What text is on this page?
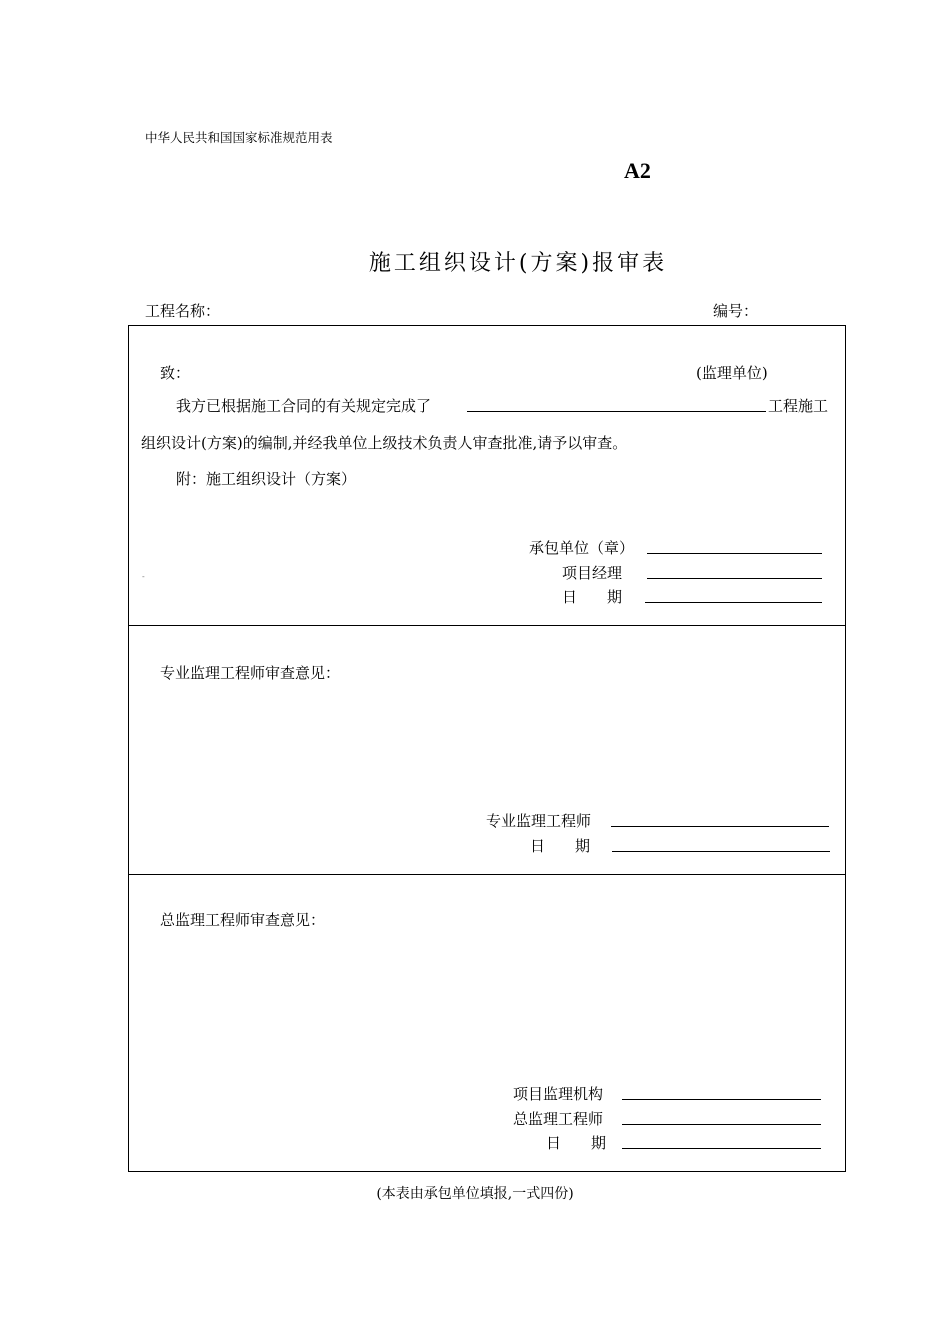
中华人民共和国国家标准规范用表
A2
施工组织设计(方案)报审表
工程名称：	编号：
致：	(监理单位)
我方已根据施工合同的有关规定完成了	工程施工
组织设计(方案)的编制,并经我单位上级技术负责人审查批准,请予以审查。
附：施工组织设计（方案）
承包单位（章）
项目经理
日　　期
-
专业监理工程师审查意见：
专业监理工程师
日　　期
总监理工程师审查意见：
项目监理机构
总监理工程师
日　　期
(本表由承包单位填报,一式四份)
